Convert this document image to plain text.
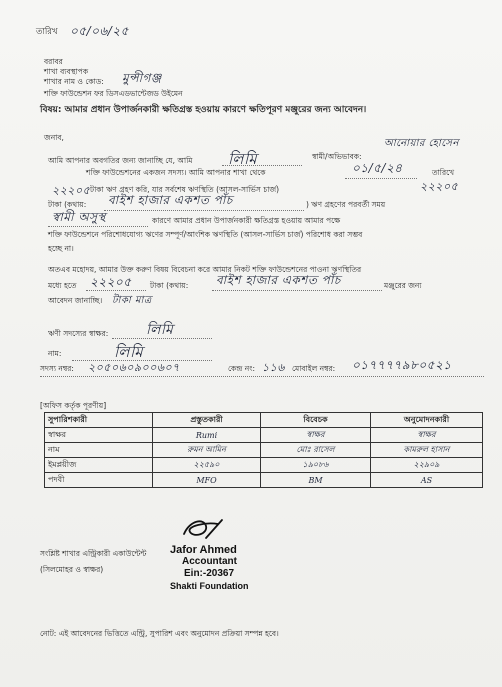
তারিখ ০৫/০৬/২৫
বরাবর
শাখা ব্যবস্থাপক
শাখার নাম ও কোড: মুন্সীগঞ্জ
শক্তি ফাউন্ডেশন ফর ডিসএডভান্টেজড উইমেন
বিষয়: আমার প্রধান উপার্জনকারী ক্ষতিগ্রস্ত হওয়ায় কারণে ক্ষতিপূরণ মঞ্জুরের জন্য আবেদন।
জনাব,
আমি আপনার অবগতির জন্য জানাচ্ছি যে, আমি লিমি	স্বামী/অভিভাবক:
আনোয়ার হোসেন
শক্তি ফাউন্ডেশনের একজন সদস্য। আমি আপনার শাখা থেকে	০১/৫/২৪	তারিখে
২২২০৫
২২২০৫ টাকা ঋণ গ্রহণ করি, যার সর্বশেষ ঋণস্থিতি (আসল-সার্ভিস চার্জ)
টাকা (কথায়: বাইশ হাজার একশত পাঁচ	) ঋণ গ্রহণের পরবর্তী সময়
স্বামী অসুস্থ	কারণে আমার প্রধান উপার্জনকারী ক্ষতিগ্রস্ত হওয়ায় আমার পক্ষে
শক্তি ফাউন্ডেশনে পরিশোধযোগ্য ঋণের সম্পূর্ণ/আংশিক ঋণস্থিতি (আসল-সার্ভিস চার্জ) পরিশোধ করা সম্ভব
হচ্ছে না।
অতএব মহোদয়, আমার উক্ত করুণ বিষয় বিবেচনা করে আমার নিকট শক্তি ফাউন্ডেশনের পাওনা ঋণস্থিতির
মধ্যে হতে ২২২০৫ টাকা (কথায়: বাইশ হাজার একশত পাঁচ	মঞ্জুরের জন্য
আবেদন জানাচ্ছি। টাকা মাত্র
ঋণী সদস্যের স্বাক্ষর:	লিমি
নাম:	লিমি
সদস্য নম্বর: ২০৫০৬০৯০০৬০৭	কেন্দ্র নং: ১১৬ মোবাইল নম্বর: ০১৭৭৭৭৯৮০৫২১
[অফিস কর্তৃক পূরণীয়]
সুপারিশকারী	প্রস্তুতকারী	বিবেচক	অনুমোদনকারী
স্বাক্ষর	Rumi	স্বাক্ষর	স্বাক্ষর
নাম	রুমন আমিন	মোঃ রাসেল	কামরুল হাসান
ইমপ্লয়ীজ	২২৫৯০	১৯০৮৬	২২৯০৯
পদবী	MFO	BM	AS
Jafor Ahmed
Accountant
Ein:-20367
Shakti Foundation
সংশ্লিষ্ট শাখার এন্ট্রিকারী একাউন্টেন্ট
(সিলমোহর ও স্বাক্ষর)
নোট: এই আবেদনের ভিত্তিতে এন্ট্রি, সুপারিশ এবং অনুমোদন প্রক্রিয়া সম্পন্ন হবে।
